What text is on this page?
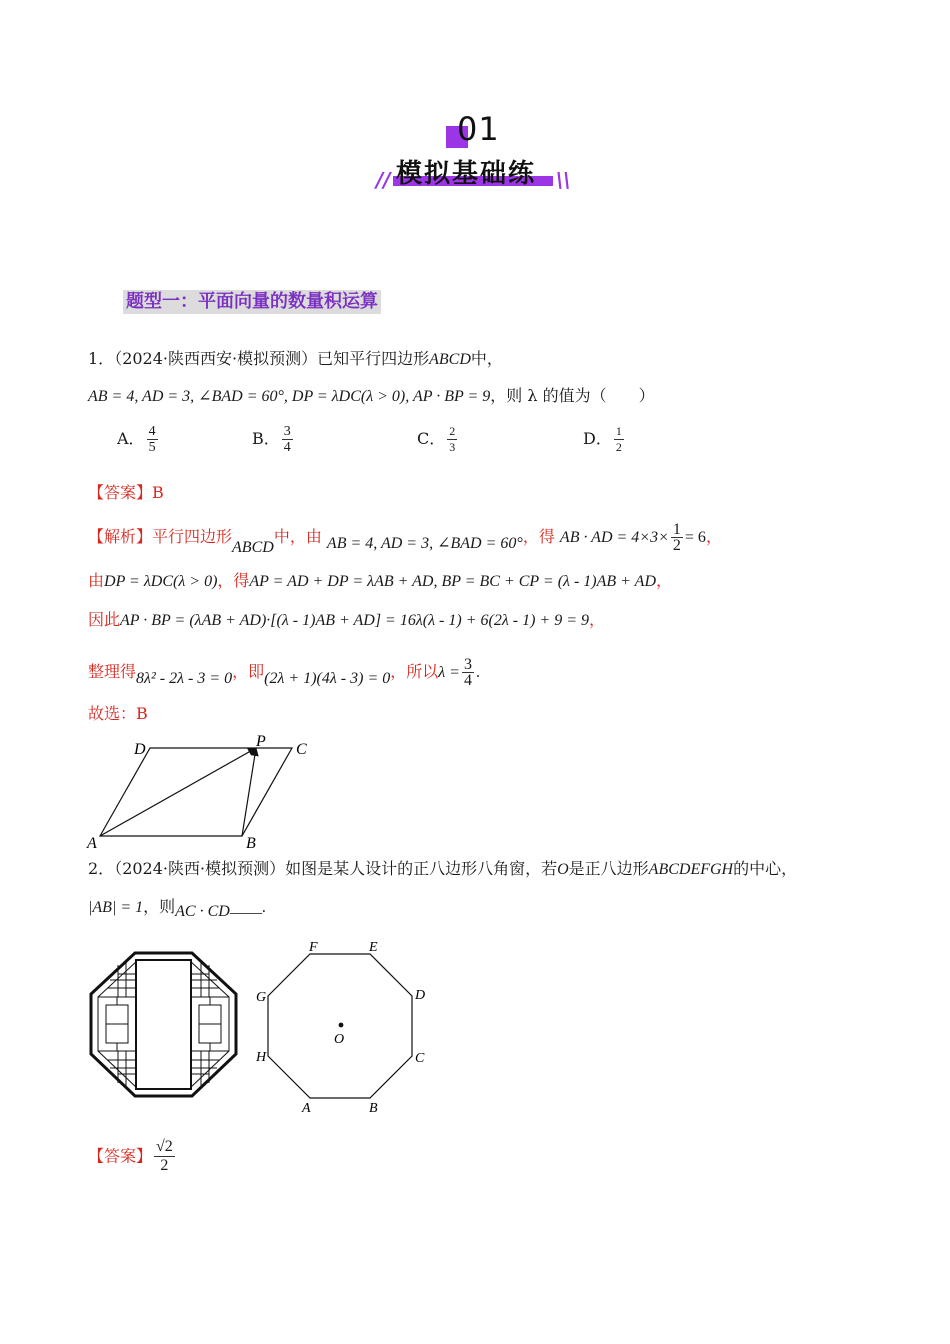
01
//	\\
模拟基础练
题型一：平面向量的数量积运算
1．（2024·陕西西安·模拟预测）已知平行四边形ABCD中，
AB = 4, AD = 3, ∠BAD = 60°, DP = λDC(λ > 0), AP · BP = 9，则 λ 的值为（　　）
A． $\frac{4}{5}$	B． $\frac{3}{4}$	C． $\frac{2}{3}$	D． $\frac{1}{2}$
【答案】B
【解析】平行四边形ABCD中，由 AB = 4, AD = 3, ∠BAD = 60°，得 AB · AD = $4\times 3\times \frac{1}{2} = 6$，
由DP = λDC(λ > 0)，得AP = AD + DP = λAB + AD, BP = BC + CP = (λ - 1)AB + AD，
因此AP · BP = (λAB + AD)·[(λ - 1)AB + AD] = 16λ(λ - 1) + 6(2λ - 1) + 9 = 9，
整理得8λ² - 2λ - 3 = 0，即(2λ + 1)(4λ - 3) = 0，所以$\lambda = \frac{3}{4}$ .
故选：B
A	B
C
D	P
2．（2024·陕西·模拟预测）如图是某人设计的正八边形八角窗，若O是正八边形ABCDEFGH的中心，
|AB| = 1，则AC · CD____.
O
A	B
C
D
E
F
G
H
【答案】 $\frac{√2}{2}$
